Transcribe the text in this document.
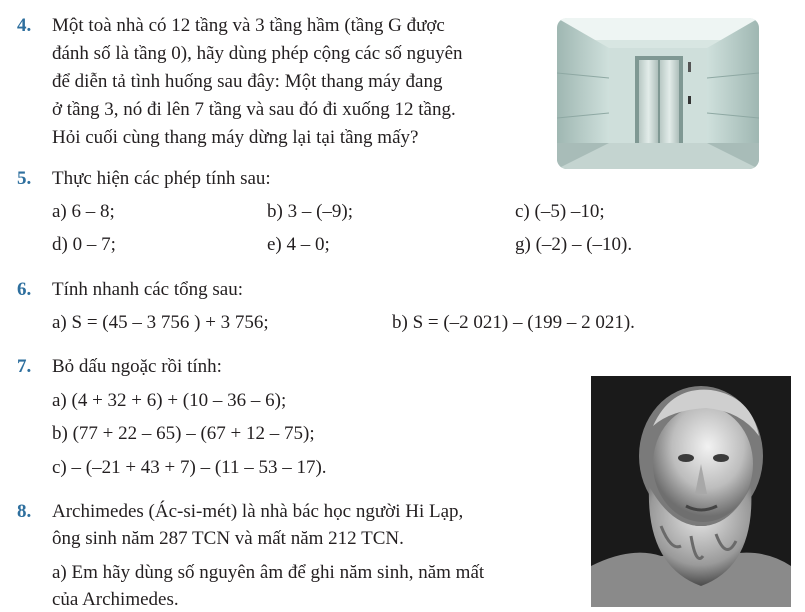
4. Một toà nhà có 12 tầng và 3 tầng hầm (tầng G được
đánh số là tầng 0), hãy dùng phép cộng các số nguyên
để diễn tả tình huống sau đây: Một thang máy đang
ở tầng 3, nó đi lên 7 tầng và sau đó đi xuống 12 tầng.
Hỏi cuối cùng thang máy dừng lại tại tầng mấy?
5. Thực hiện các phép tính sau:
a) 6 – 8;	b) 3 – (–9);	c) (–5) –10;
d) 0 – 7;	e) 4 – 0;	g) (–2) – (–10).
6. Tính nhanh các tổng sau:
a) S = (45 – 3 756 ) + 3 756;	b) S = (–2 021) – (199 – 2 021).
7. Bỏ dấu ngoặc rồi tính:
a) (4 + 32 + 6) + (10 – 36 – 6);
b) (77 + 22 – 65) – (67 + 12 – 75);
c) – (–21 + 43 + 7) – (11 – 53 – 17).
8. Archimedes (Ác-si-mét) là nhà bác học người Hi Lạp,
ông sinh năm 287 TCN và mất năm 212 TCN.
a) Em hãy dùng số nguyên âm để ghi năm sinh, năm mất
của Archimedes.
